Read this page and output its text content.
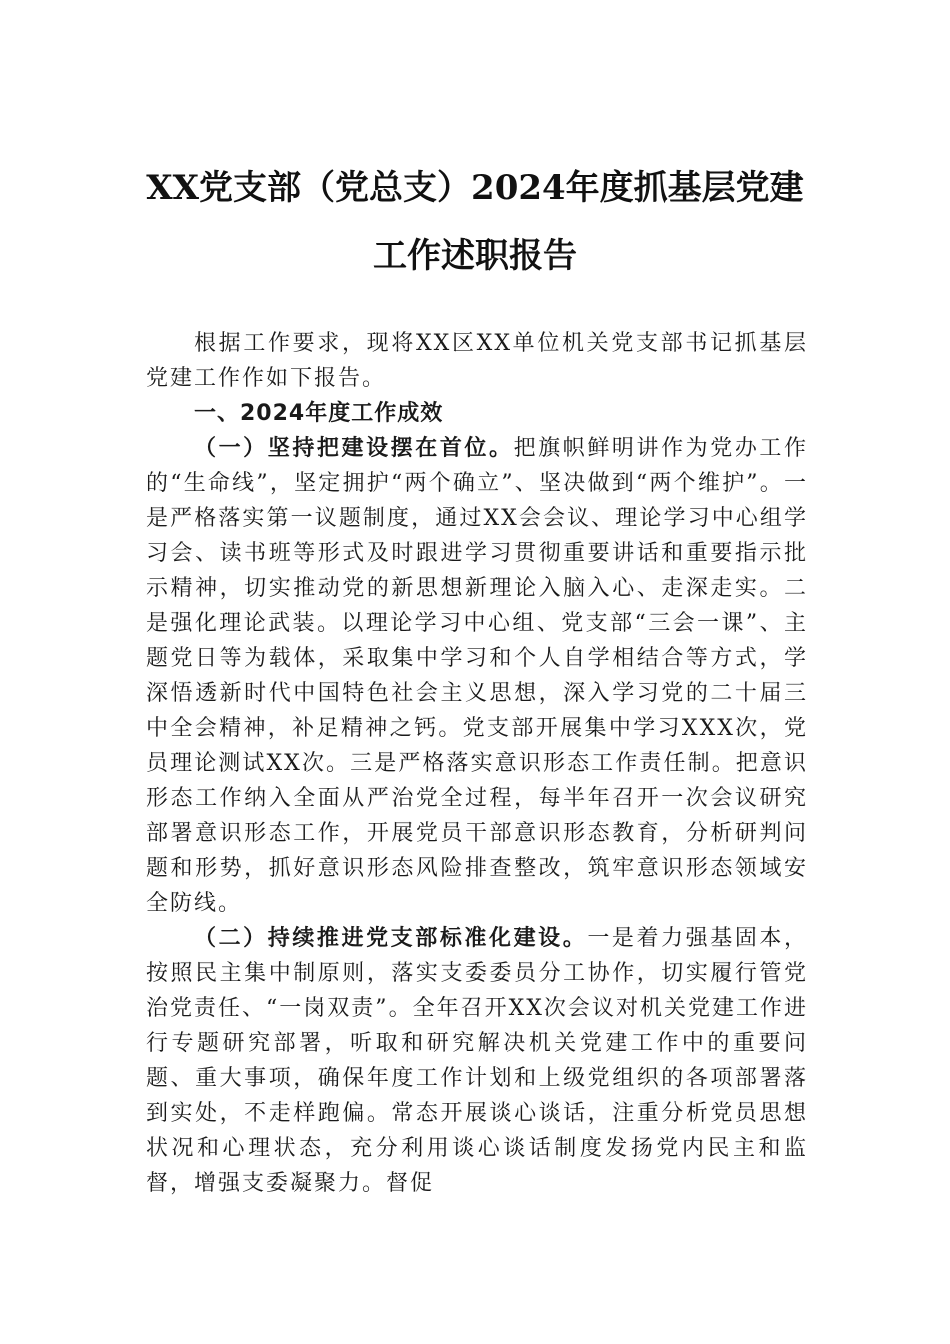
XX党支部（党总支）2024年度抓基层党建
工作述职报告

根据工作要求，现将XX区XX单位机关党支部书记抓基层党建工作作如下报告。

一、2024年度工作成效

（一）坚持把建设摆在首位。把旗帜鲜明讲作为党办工作的“生命线”，坚定拥护“两个确立”、坚决做到“两个维护”。一是严格落实第一议题制度，通过XX会会议、理论学习中心组学习会、读书班等形式及时跟进学习贯彻重要讲话和重要指示批示精神，切实推动党的新思想新理论入脑入心、走深走实。二是强化理论武装。以理论学习中心组、党支部“三会一课”、主题党日等为载体，采取集中学习和个人自学相结合等方式，学深悟透新时代中国特色社会主义思想，深入学习党的二十届三中全会精神，补足精神之钙。党支部开展集中学习XXX次，党员理论测试XX次。三是严格落实意识形态工作责任制。把意识形态工作纳入全面从严治党全过程，每半年召开一次会议研究部署意识形态工作，开展党员干部意识形态教育，分析研判问题和形势，抓好意识形态风险排查整改，筑牢意识形态领域安全防线。

（二）持续推进党支部标准化建设。一是着力强基固本，按照民主集中制原则，落实支委委员分工协作，切实履行管党治党责任、“一岗双责”。全年召开XX次会议对机关党建工作进行专题研究部署，听取和研究解决机关党建工作中的重要问题、重大事项，确保年度工作计划和上级党组织的各项部署落到实处，不走样跑偏。常态开展谈心谈话，注重分析党员思想状况和心理状态，充分利用谈心谈话制度发扬党内民主和监督，增强支委凝聚力。督促
